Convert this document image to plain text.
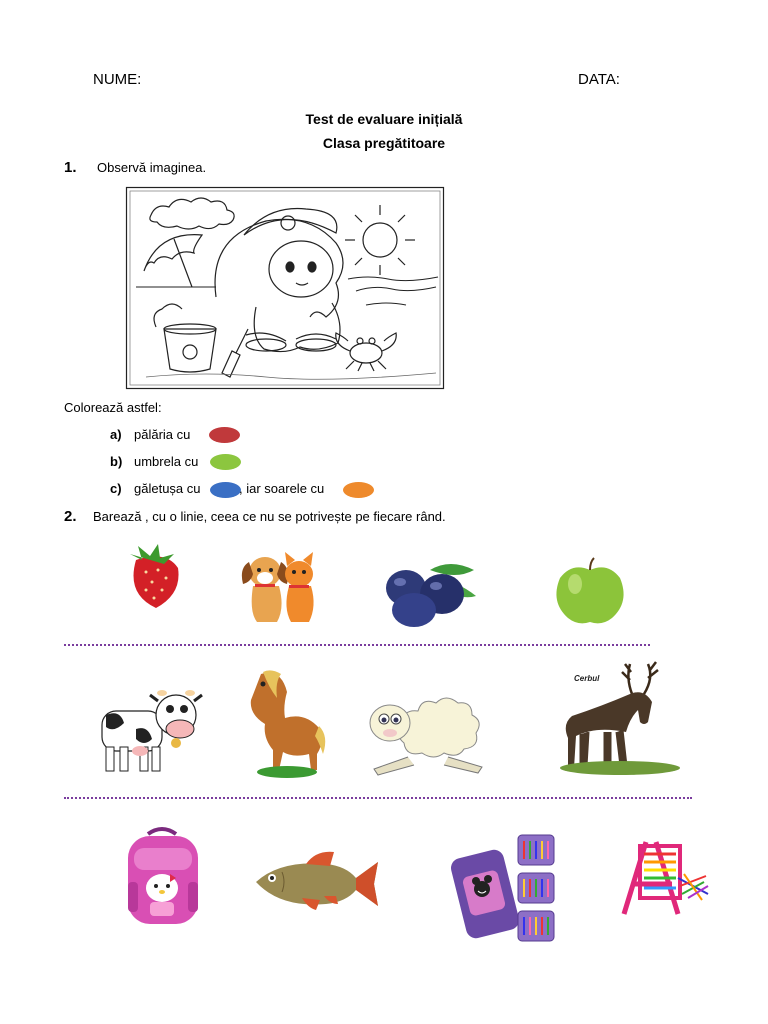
NUME:	DATA:
Test de evaluare inițială
Clasa pregătitoare
1. Observă imaginea.
Colorează astfel:
a) pălăria cu
b) umbrela cu
c) găletușa cu	, iar soarele cu
2. Barează , cu o linie, ceea ce nu se potrivește pe fiecare rând.
Cerbul
